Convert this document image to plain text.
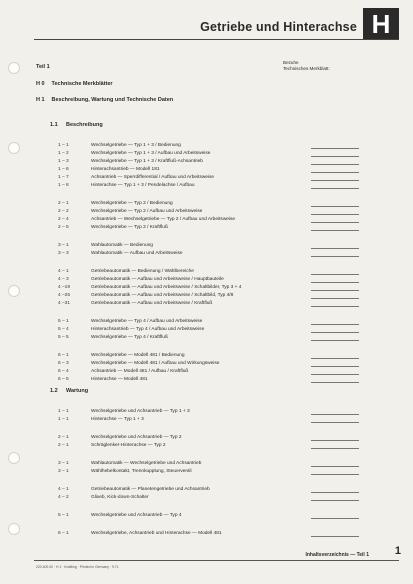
Getriebe und Hinterachse H
Teil 1
Bezuhe
Technisches Merkblatt:
H 0 Technische Merkblätter
H 1 Beschreibung, Wartung und Technische Daten
1.1 Beschreibung
1 – 1	Wechselgetriebe — Typ 1 + 3 / Bedienung
1 – 2	Wechselgetriebe — Typ 1 + 3 / Aufbau und Arbeitsweise
1 – 3	Wechselgetriebe — Typ 1 + 3 / Kraftfluß-Achsantrieb
1 – 6	Hinterachsantrieb — Modell 181
1 – 7	Achsantrieb — Sperrdifferential / Aufbau und Arbeitsweise
1 – 8	Hinterachse — Typ 1 + 3 / Pendelachse / Aufbau
2 – 1	Wechselgetriebe — Typ 2 / Bedienung
2 – 2	Wechselgetriebe — Typ 2 / Aufbau und Arbeitsweise
2 – 4	Achsantrieb — Wechselgetriebe — Typ 2 / Aufbau und Arbeitsweise
2 – 5	Wechselgetriebe — Typ 2 / Kraftfluß
3 – 1	Wahlautomatik — Bedienung
3 – 3	Wahlautomatik — Aufbau und Arbeitsweise
4 – 1	Getriebeautomatik — Bedienung / Wählbereiche
4 – 3	Getriebeautomatik — Aufbau und Arbeitsweise / Hauptbauteile
4 –19	Getriebeautomatik — Aufbau und Arbeitsweise / Schaltbilder, Typ 3 + 4
4 –25	Getriebeautomatik — Aufbau und Arbeitsweise / Schaltbild, Typ 4/8
4 –31	Getriebeautomatik — Aufbau und Arbeitsweise / Kraftfluß
5 – 1	Wechselgetriebe — Typ 4 / Aufbau und Arbeitsweise
5 – 4	Hinterachsantrieb — Typ 4 / Aufbau und Arbeitsweise
5 – 5	Wechselgetriebe — Typ 4 / Kraftfluß
6 – 1	Wechselgetriebe — Modell 481 / Bedienung
6 – 3	Wechselgetriebe — Modell 481 / Aufbau und Wirkungsweise
6 – 4	Achsantrieb — Modell 481 / Aufbau / Kraftfluß
6 – 5	Hinterachse — Modell 481
1.2 Wartung
1 – 1	Wechselgetriebe und Achsantrieb — Typ 1 + 3
1 – 1	Hinterachse — Typ 1 + 3
2 – 1	Wechselgetriebe und Achsantrieb — Typ 2
2 – 1	Schräglenker-Hinterachse — Typ 2
3 – 1	Wahlautomatik — Wechselgetriebe und Achsantrieb
3 – 1	Wählhebelkontakt, Trennkupplung, Steuerventil
4 – 1	Getriebeautomatik — Planetengetriebe und Achsantrieb
4 – 2	Glixeb, Kick-down-Schalter
5 – 1	Wechselgetriebe und Achsantrieb — Typ 4
6 – 1	Wechselgetriebe, Achsantrieb und Hinterachse — Modell 481
Inhaltsverzeichnis — Teil 1 1
220.400.00 · H 1 · Kraftling · Printed in Germany · 9.71
